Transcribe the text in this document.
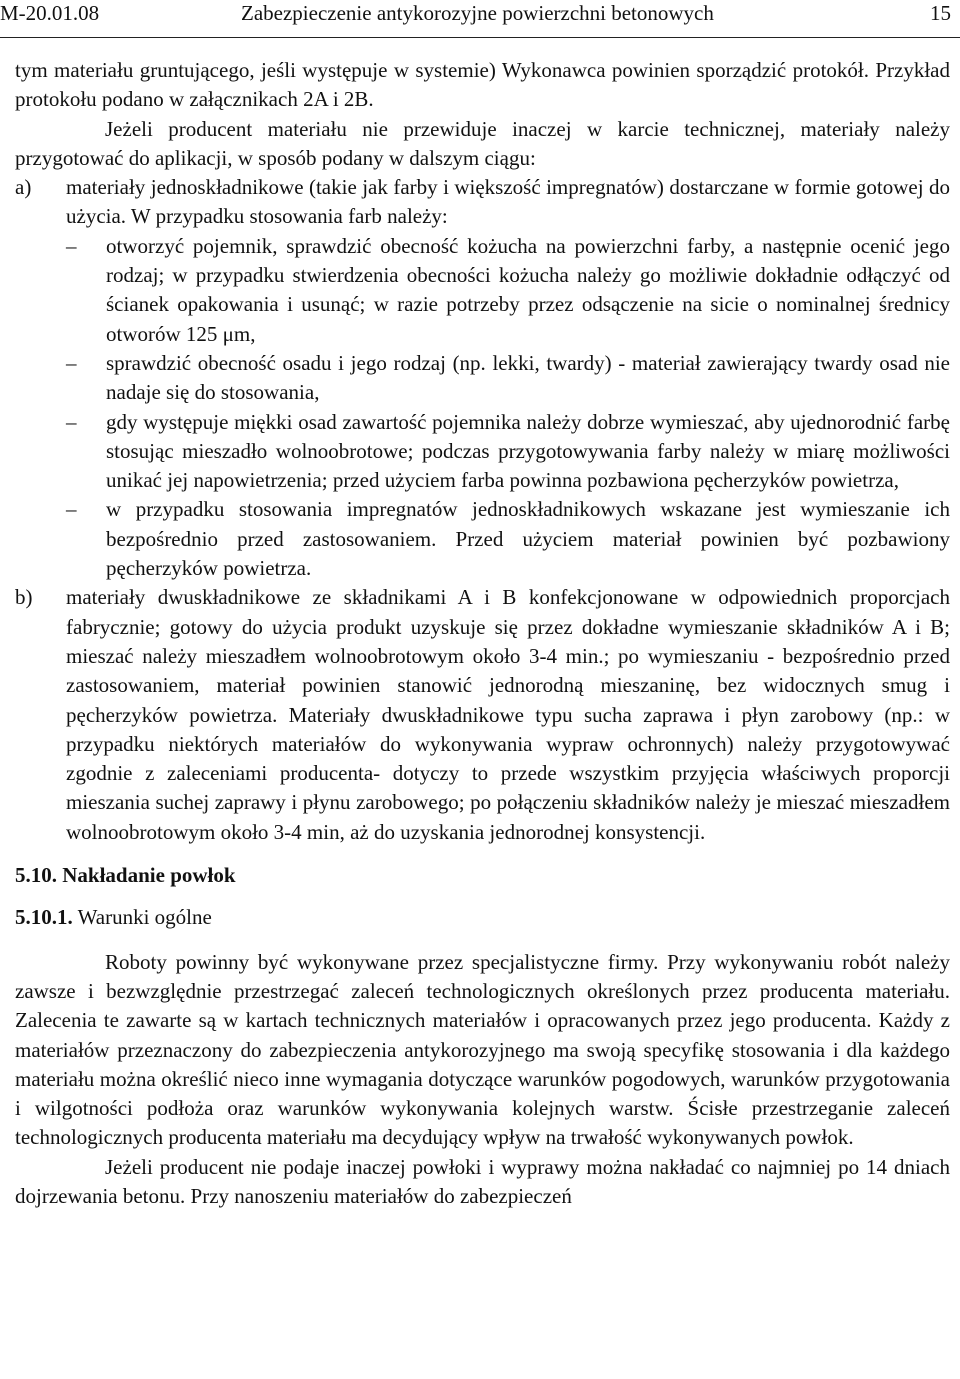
M-20.01.08	Zabezpieczenie antykorozyjne powierzchni betonowych	15

tym materiału gruntującego, jeśli występuje w systemie) Wykonawca powinien sporządzić protokół. Przykład protokołu podano w załącznikach 2A i 2B.

Jeżeli producent materiału nie przewiduje inaczej w karcie technicznej, materiały należy przygotować do aplikacji, w sposób podany w dalszym ciągu:

a) materiały jednoskładnikowe (takie jak farby i większość impregnatów) dostarczane w formie gotowej do użycia. W przypadku stosowania farb należy:

– otworzyć pojemnik, sprawdzić obecność kożucha na powierzchni farby, a następnie ocenić jego rodzaj; w przypadku stwierdzenia obecności kożucha należy go możliwie dokładnie odłączyć od ścianek opakowania i usunąć; w razie potrzeby przez odsączenie na sicie o nominalnej średnicy otworów 125 μm,
– sprawdzić obecność osadu i jego rodzaj (np. lekki, twardy) - materiał zawierający twardy osad nie nadaje się do stosowania,
– gdy występuje miękki osad zawartość pojemnika należy dobrze wymieszać, aby ujednorodnić farbę stosując mieszadło wolnoobrotowe; podczas przygotowywania farby należy w miarę możliwości unikać jej napowietrzenia; przed użyciem farba powinna pozbawiona pęcherzyków powietrza,
– w przypadku stosowania impregnatów jednoskładnikowych wskazane jest wymieszanie ich bezpośrednio przed zastosowaniem. Przed użyciem materiał powinien być pozbawiony pęcherzyków powietrza.
b) materiały dwuskładnikowe ze składnikami A i B konfekcjonowane w odpowiednich proporcjach fabrycznie; gotowy do użycia produkt uzyskuje się przez dokładne wymieszanie składników A i B; mieszać należy mieszadłem wolnoobrotowym około 3-4 min.; po wymieszaniu - bezpośrednio przed zastosowaniem, materiał powinien stanowić jednorodną mieszaninę, bez widocznych smug i pęcherzyków powietrza. Materiały dwuskładnikowe typu sucha zaprawa i płyn zarobowy (np.: w przypadku niektórych materiałów do wykonywania wypraw ochronnych) należy przygotowywać zgodnie z zaleceniami producenta- dotyczy to przede wszystkim przyjęcia właściwych proporcji mieszania suchej zaprawy i płynu zarobowego; po połączeniu składników należy je mieszać mieszadłem wolnoobrotowym około 3-4 min, aż do uzyskania jednorodnej konsystencji.

5.10. Nakładanie powłok

5.10.1. Warunki ogólne

Roboty powinny być wykonywane przez specjalistyczne firmy. Przy wykonywaniu robót należy zawsze i bezwzględnie przestrzegać zaleceń technologicznych określonych przez producenta materiału. Zalecenia te zawarte są w kartach technicznych materiałów i opracowanych przez jego producenta. Każdy z materiałów przeznaczony do zabezpieczenia antykorozyjnego ma swoją specyfikę stosowania i dla każdego materiału można określić nieco inne wymagania dotyczące warunków pogodowych, warunków przygotowania i wilgotności podłoża oraz warunków wykonywania kolejnych warstw. Ścisłe przestrzeganie zaleceń technologicznych producenta materiału ma decydujący wpływ na trwałość wykonywanych powłok.

Jeżeli producent nie podaje inaczej powłoki i wyprawy można nakładać co najmniej po 14 dniach dojrzewania betonu. Przy nanoszeniu materiałów do zabezpieczeń
